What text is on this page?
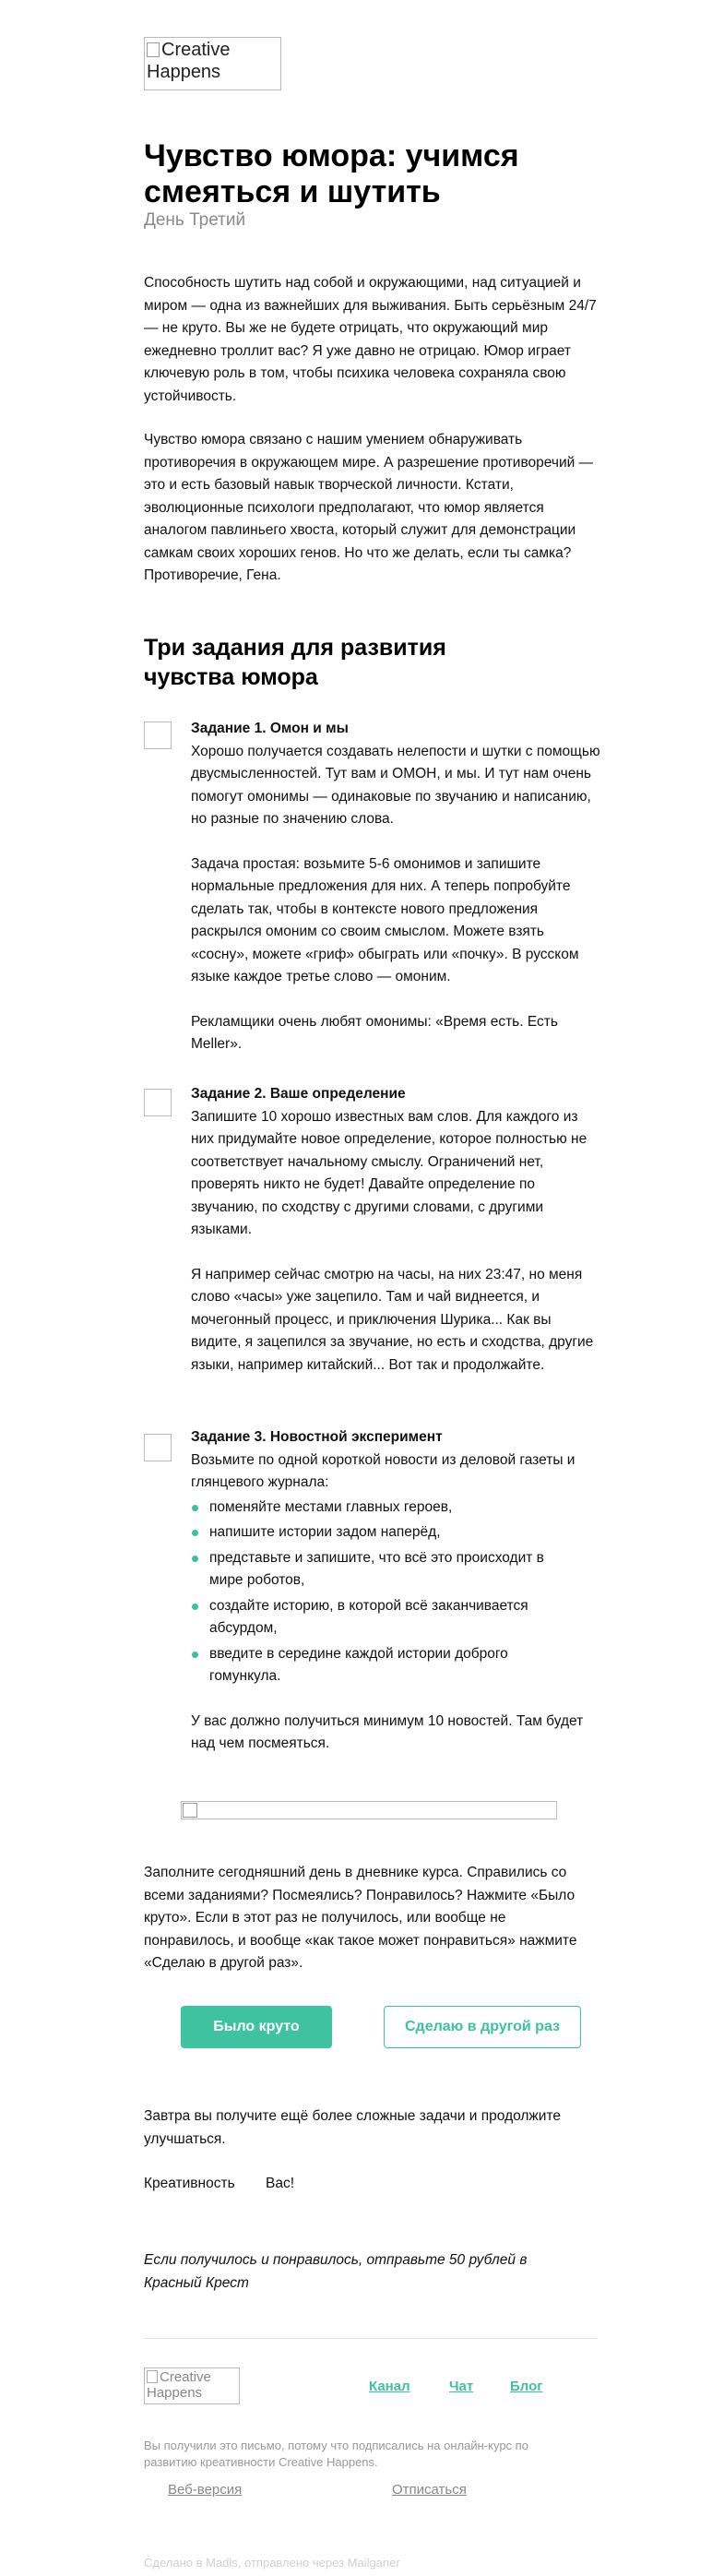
Creative Happens
Чувство юмора: учимся смеяться и шутить
День Третий
Способность шутить над собой и окружающими, над ситуацией и миром — одна из важнейших для выживания. Быть серьёзным 24/7 — не круто. Вы же не будете отрицать, что окружающий мир ежедневно троллит вас? Я уже давно не отрицаю. Юмор играет ключевую роль в том, чтобы психика человека сохраняла свою устойчивость.
Чувство юмора связано с нашим умением обнаруживать противоречия в окружающем мире. А разрешение противоречий — это и есть базовый навык творческой личности. Кстати, эволюционные психологи предполагают, что юмор является аналогом павлиньего хвоста, который служит для демонстрации самкам своих хороших генов. Но что же делать, если ты самка? Противоречие, Гена.
Три задания для развития чувства юмора
Задание 1. Омон и мы
Хорошо получается создавать нелепости и шутки с помощью двусмысленностей. Тут вам и ОМОН, и мы. И тут нам очень помогут омонимы — одинаковые по звучанию и написанию, но разные по значению слова.
Задача простая: возьмите 5-6 омонимов и запишите нормальные предложения для них. А теперь попробуйте сделать так, чтобы в контексте нового предложения раскрылся омоним со своим смыслом. Можете взять «сосну», можете «гриф» обыграть или «почку». В русском языке каждое третье слово — омоним.
Рекламщики очень любят омонимы: «Время есть. Есть Meller».
Задание 2. Ваше определение
Запишите 10 хорошо известных вам слов. Для каждого из них придумайте новое определение, которое полностью не соответствует начальному смыслу. Ограничений нет, проверять никто не будет! Давайте определение по звучанию, по сходству с другими словами, с другими языками.
Я например сейчас смотрю на часы, на них 23:47, но меня слово «часы» уже зацепило. Там и чай виднеется, и мочегонный процесс, и приключения Шурика... Как вы видите, я зацепился за звучание, но есть и сходства, другие языки, например китайский... Вот так и продолжайте.
Задание 3. Новостной эксперимент
Возьмите по одной короткой новости из деловой газеты и глянцевого журнала:
поменяйте местами главных героев,
напишите истории задом наперёд,
представьте и запишите, что всё это происходит в мире роботов,
создайте историю, в которой всё заканчивается абсурдом,
введите в середине каждой истории доброго гомункула.
У вас должно получиться минимум 10 новостей. Там будет над чем посмеяться.
Заполните сегодняшний день в дневнике курса. Справились со всеми заданиями? Посмеялись? Понравилось? Нажмите «Было круто». Если в этот раз не получилось, или вообще не понравилось, и вообще «как такое может понравиться» нажмите «Сделаю в другой раз».
Было круто	Сделаю в другой раз
Завтра вы получите ещё более сложные задачи и продолжите улучшаться.
Креативность Вас!
Если получилось и понравилось, отправьте 50 рублей в Красный Крест
Creative Happens	Канал	Чат	Блог
Вы получили это письмо, потому что подписались на онлайн-курс по развитию креативности Creative Happens.
Веб-версия	Отписаться
Сделано в Madls, отправлено через Mailganer
